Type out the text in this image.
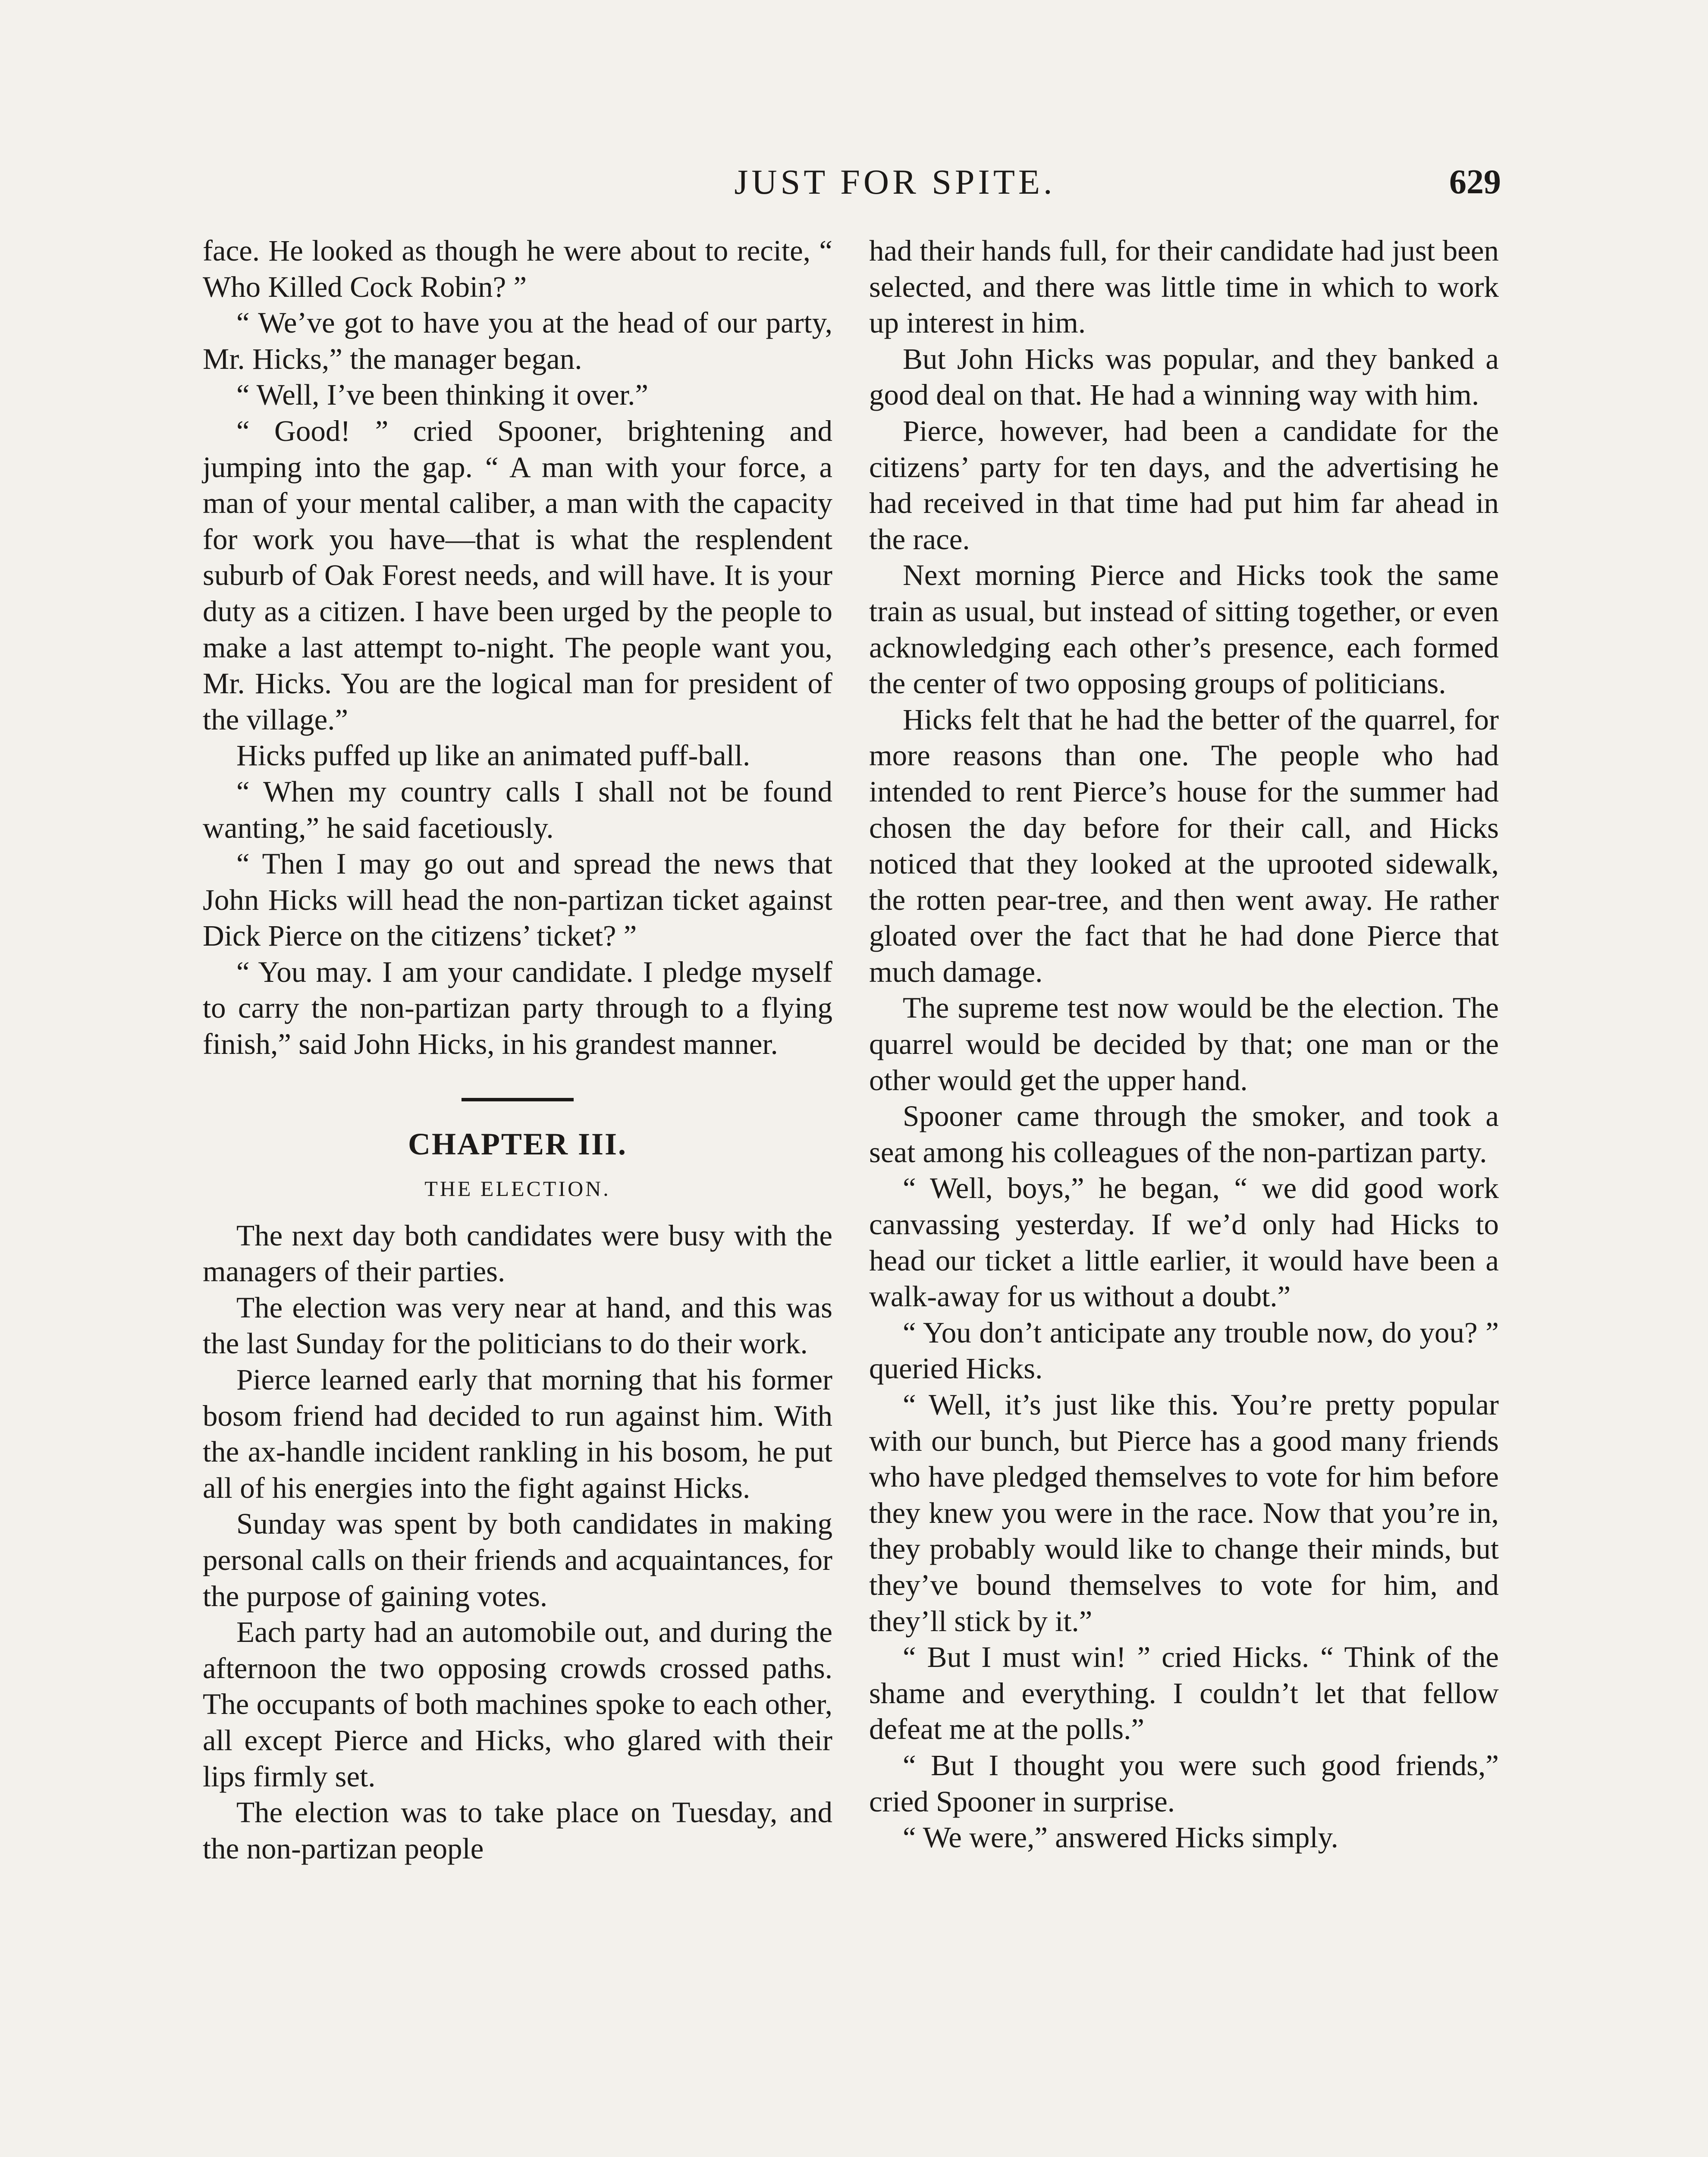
JUST FOR SPITE.	629

face. He looked as though he were about to recite, “ Who Killed Cock Robin? ”

“ We’ve got to have you at the head of our party, Mr. Hicks,” the manager began.

“ Well, I’ve been thinking it over.”

“ Good! ” cried Spooner, brightening and jumping into the gap. “ A man with your force, a man of your mental caliber, a man with the capacity for work you have—that is what the resplendent suburb of Oak Forest needs, and will have. It is your duty as a citizen. I have been urged by the people to make a last attempt to-night. The people want you, Mr. Hicks. You are the logical man for president of the village.”

Hicks puffed up like an animated puff-ball.

“ When my country calls I shall not be found wanting,” he said facetiously.

“ Then I may go out and spread the news that John Hicks will head the non-partizan ticket against Dick Pierce on the citizens’ ticket? ”

“ You may. I am your candidate. I pledge myself to carry the non-partizan party through to a flying finish,” said John Hicks, in his grandest manner.

CHAPTER III.
THE ELECTION.

The next day both candidates were busy with the managers of their parties.

The election was very near at hand, and this was the last Sunday for the politicians to do their work.

Pierce learned early that morning that his former bosom friend had decided to run against him. With the ax-handle incident rankling in his bosom, he put all of his energies into the fight against Hicks.

Sunday was spent by both candidates in making personal calls on their friends and acquaintances, for the purpose of gaining votes.

Each party had an automobile out, and during the afternoon the two opposing crowds crossed paths. The occupants of both machines spoke to each other, all except Pierce and Hicks, who glared with their lips firmly set.

The election was to take place on Tuesday, and the non-partizan people

had their hands full, for their candidate had just been selected, and there was little time in which to work up interest in him.

But John Hicks was popular, and they banked a good deal on that. He had a winning way with him.

Pierce, however, had been a candidate for the citizens’ party for ten days, and the advertising he had received in that time had put him far ahead in the race.

Next morning Pierce and Hicks took the same train as usual, but instead of sitting together, or even acknowledging each other’s presence, each formed the center of two opposing groups of politicians.

Hicks felt that he had the better of the quarrel, for more reasons than one. The people who had intended to rent Pierce’s house for the summer had chosen the day before for their call, and Hicks noticed that they looked at the uprooted sidewalk, the rotten pear-tree, and then went away. He rather gloated over the fact that he had done Pierce that much damage.

The supreme test now would be the election. The quarrel would be decided by that; one man or the other would get the upper hand.

Spooner came through the smoker, and took a seat among his colleagues of the non-partizan party.

“ Well, boys,” he began, “ we did good work canvassing yesterday. If we’d only had Hicks to head our ticket a little earlier, it would have been a walk-away for us without a doubt.”

“ You don’t anticipate any trouble now, do you? ” queried Hicks.

“ Well, it’s just like this. You’re pretty popular with our bunch, but Pierce has a good many friends who have pledged themselves to vote for him before they knew you were in the race. Now that you’re in, they probably would like to change their minds, but they’ve bound themselves to vote for him, and they’ll stick by it.”

“ But I must win! ” cried Hicks. “ Think of the shame and everything. I couldn’t let that fellow defeat me at the polls.”

“ But I thought you were such good friends,” cried Spooner in surprise.

“ We were,” answered Hicks simply.
